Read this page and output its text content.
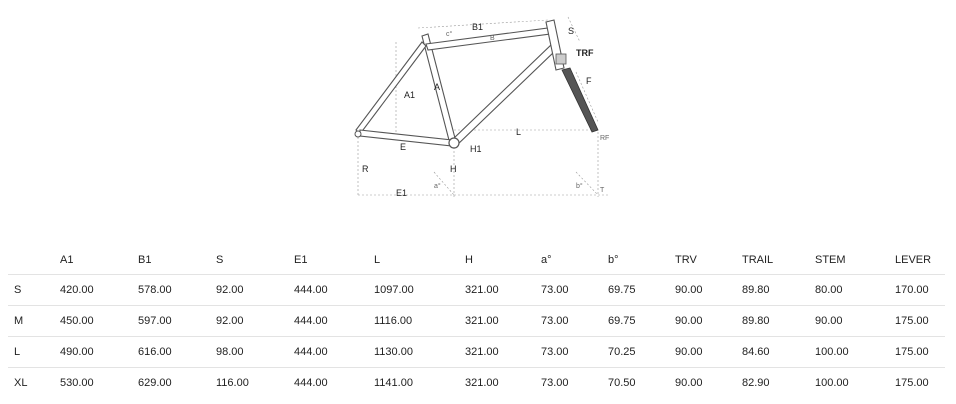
B1
c°
B
S
TRF
A1
A
F
L
E	H1
RF
R	H
a°	b°
T
E1
	A1	B1	S	E1	L	H	a°	b°	TRV	TRAIL	STEM	LEVER
S	420.00	578.00	92.00	444.00	1097.00	321.00	73.00	69.75	90.00	89.80	80.00	170.00
M	450.00	597.00	92.00	444.00	1116.00	321.00	73.00	69.75	90.00	89.80	90.00	175.00
L	490.00	616.00	98.00	444.00	1130.00	321.00	73.00	70.25	90.00	84.60	100.00	175.00
XL	530.00	629.00	116.00	444.00	1141.00	321.00	73.00	70.50	90.00	82.90	100.00	175.00
